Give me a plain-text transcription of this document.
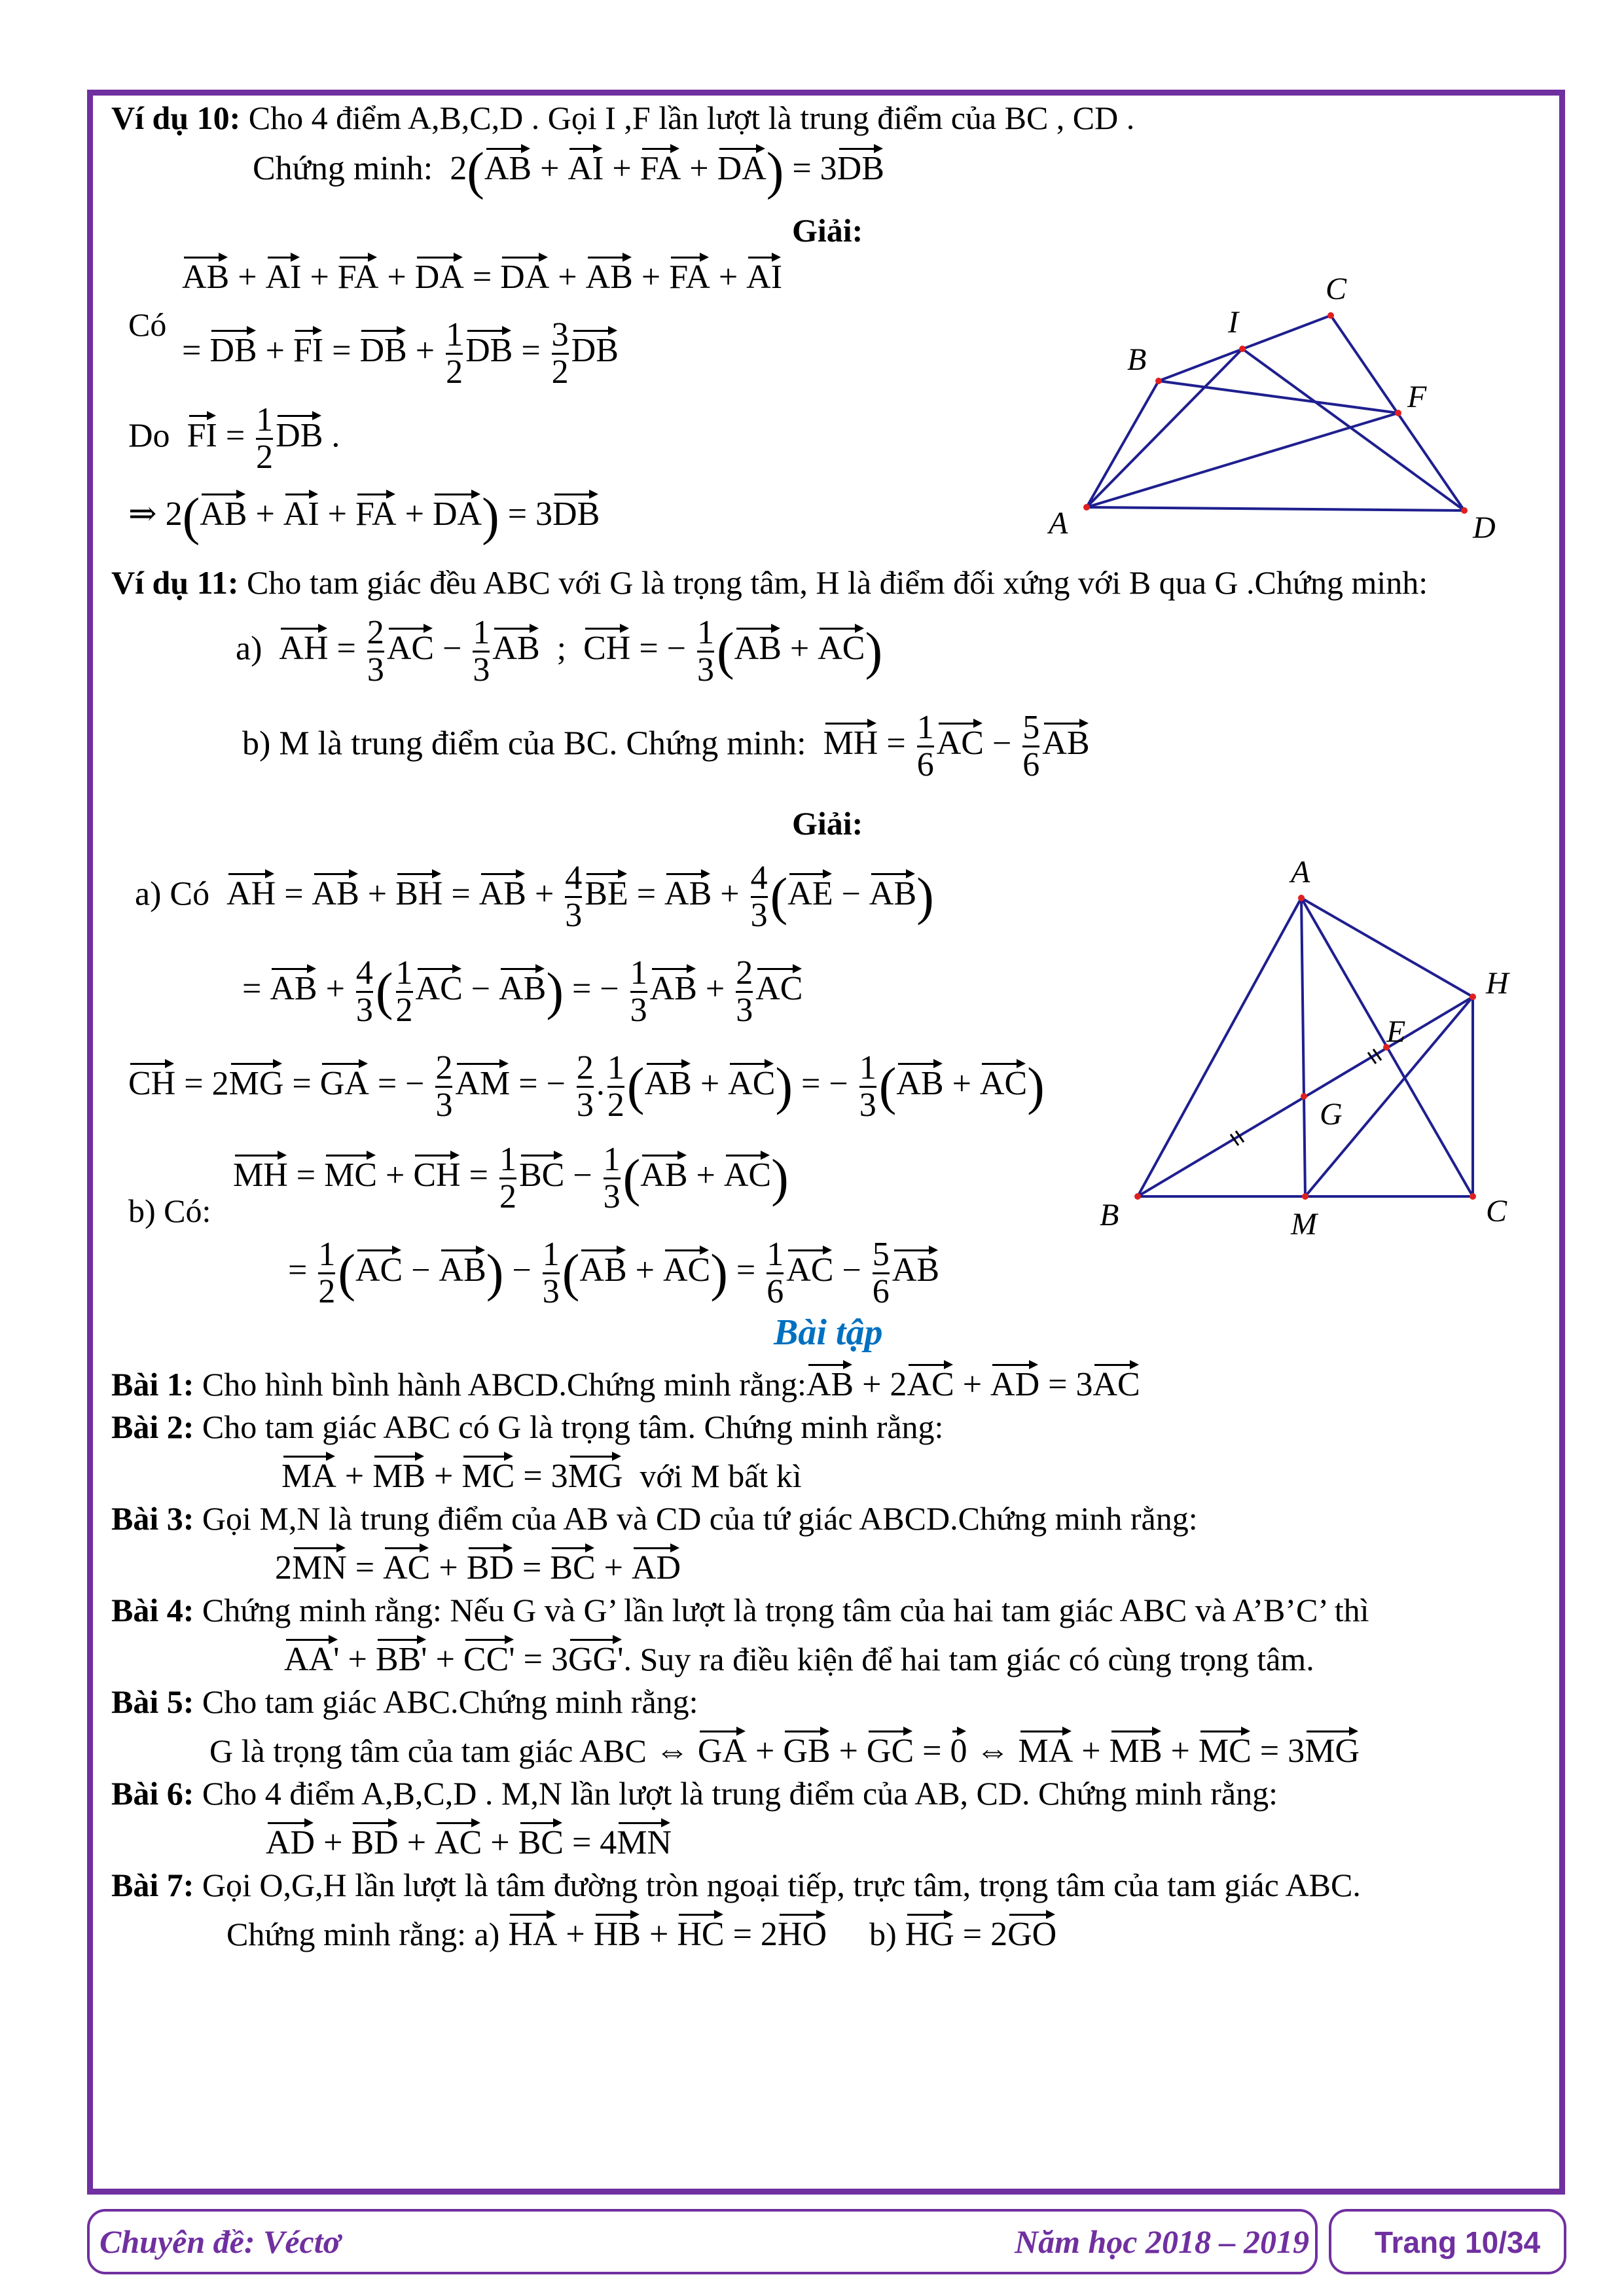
Ví dụ 10: Cho 4 điểm A,B,C,D . Gọi I ,F lần lượt là trung điểm của BC , CD .
Chứng minh:  2(AB + AI + FA + DA) = 3DB
Giải:
AB + AI + FA + DA = DA + AB + FA + AI
Có
= DB + FI = DB + $\frac{1}{2}$ DB = $\frac{3}{2}$ DB
Do FI = $\frac{1}{2}$ DB .
⇒ 2(AB + AI + FA + DA) = 3DB
Ví dụ 11: Cho tam giác đều ABC với G là trọng tâm, H là điểm đối xứng với B qua G .Chứng minh:
a) AH = $\frac{2}{3}$ AC − $\frac{1}{3}$ AB  ;  CH = − $\frac{1}{3} (AB + AC)$
b) M là trung điểm của BC. Chứng minh: MH = $\frac{1}{6}$ AC − $\frac{5}{6}$ AB
Giải:
a) Có AH = AB + BH = AB + $\frac{4}{3}$ BE = AB + $\frac{4}{3} (AE - AB)$
= AB + $\frac{4}{3}$ ( $\frac{1}{2}$ AC − AB) = − $\frac{1}{3}$ AB + $\frac{2}{3}$ AC
CH = 2MG = GA = − $\frac{2}{3}$ AM = − $\frac{2}{3}$ . $\frac{1}{2} (AB + AC)$ = − $\frac{1}{3} (AB + AC)$
MH = MC + CH = $\frac{1}{2}$ BC − $\frac{1}{3} (AB + AC)$
b) Có:
= $\frac{1}{2} (AC - AB) - \frac{1}{3} (AB + AC) = \frac{1}{6}$ AC − $\frac{5}{6}$ AB
Bài tập
Bài 1: Cho hình bình hành ABCD.Chứng minh rằng:AB + 2AC + AD = 3AC
Bài 2: Cho tam giác ABC có G là trọng tâm. Chứng minh rằng:
MA + MB + MC = 3MG với M bất kì
Bài 3: Gọi M,N là trung điểm của AB và CD của tứ giác ABCD.Chứng minh rằng:
2MN = AC + BD = BC + AD
Bài 4: Chứng minh rằng: Nếu G và G’ lần lượt là trọng tâm của hai tam giác ABC và A’B’C’ thì
AA' + BB' + CC' = 3GG'. Suy ra điều kiện để hai tam giác có cùng trọng tâm.
Bài 5: Cho tam giác ABC.Chứng minh rằng:
G là trọng tâm của tam giác ABC ⇔ GA + GB + GC = 0 ⇔ MA + MB + MC = 3MG
Bài 6: Cho 4 điểm A,B,C,D . M,N lần lượt là trung điểm của AB, CD. Chứng minh rằng:
AD + BD + AC + BC = 4MN
Bài 7: Gọi O,G,H lần lượt là tâm đường tròn ngoại tiếp, trực tâm, trọng tâm của tam giác ABC.
Chứng minh rằng: a) HA + HB + HC = 2HO b) HG = 2GO
A
B
C
D
I
F
A
B	C
H
E
G
M
Chuyên đề: Véctơ	Năm học 2018 – 2019 Trang 10/34
